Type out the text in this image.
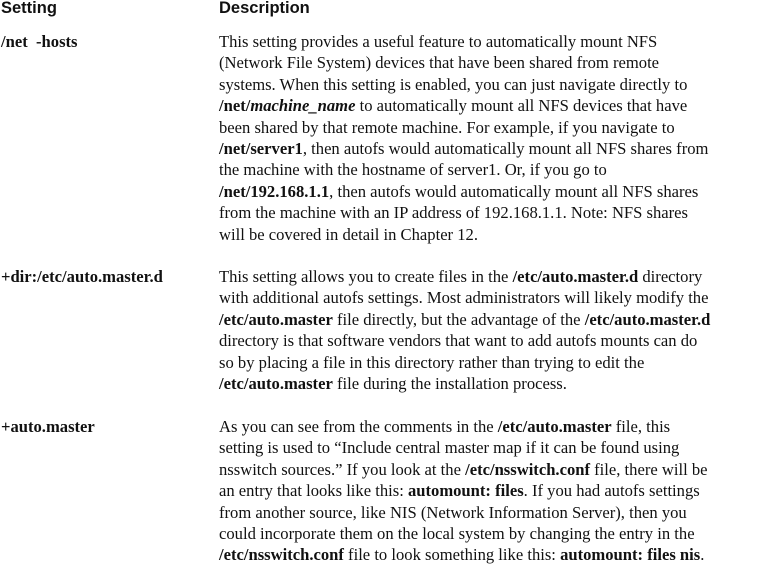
Setting	Description
/net  -hosts	This setting provides a useful feature to automatically mount NFS
(Network File System) devices that have been shared from remote
systems. When this setting is enabled, you can just navigate directly to
/net/machine_name to automatically mount all NFS devices that have
been shared by that remote machine. For example, if you navigate to
/net/server1, then autofs would automatically mount all NFS shares from
the machine with the hostname of server1. Or, if you go to
/net/192.168.1.1, then autofs would automatically mount all NFS shares
from the machine with an IP address of 192.168.1.1. Note: NFS shares
will be covered in detail in Chapter 12.
+dir:/etc/auto.master.d	This setting allows you to create files in the /etc/auto.master.d directory
with additional autofs settings. Most administrators will likely modify the
/etc/auto.master file directly, but the advantage of the /etc/auto.master.d
directory is that software vendors that want to add autofs mounts can do
so by placing a file in this directory rather than trying to edit the
/etc/auto.master file during the installation process.
+auto.master	As you can see from the comments in the /etc/auto.master file, this
setting is used to “Include central master map if it can be found using
nsswitch sources.” If you look at the /etc/nsswitch.conf file, there will be
an entry that looks like this: automount: files. If you had autofs settings
from another source, like NIS (Network Information Server), then you
could incorporate them on the local system by changing the entry in the
/etc/nsswitch.conf file to look something like this: automount: files nis.
